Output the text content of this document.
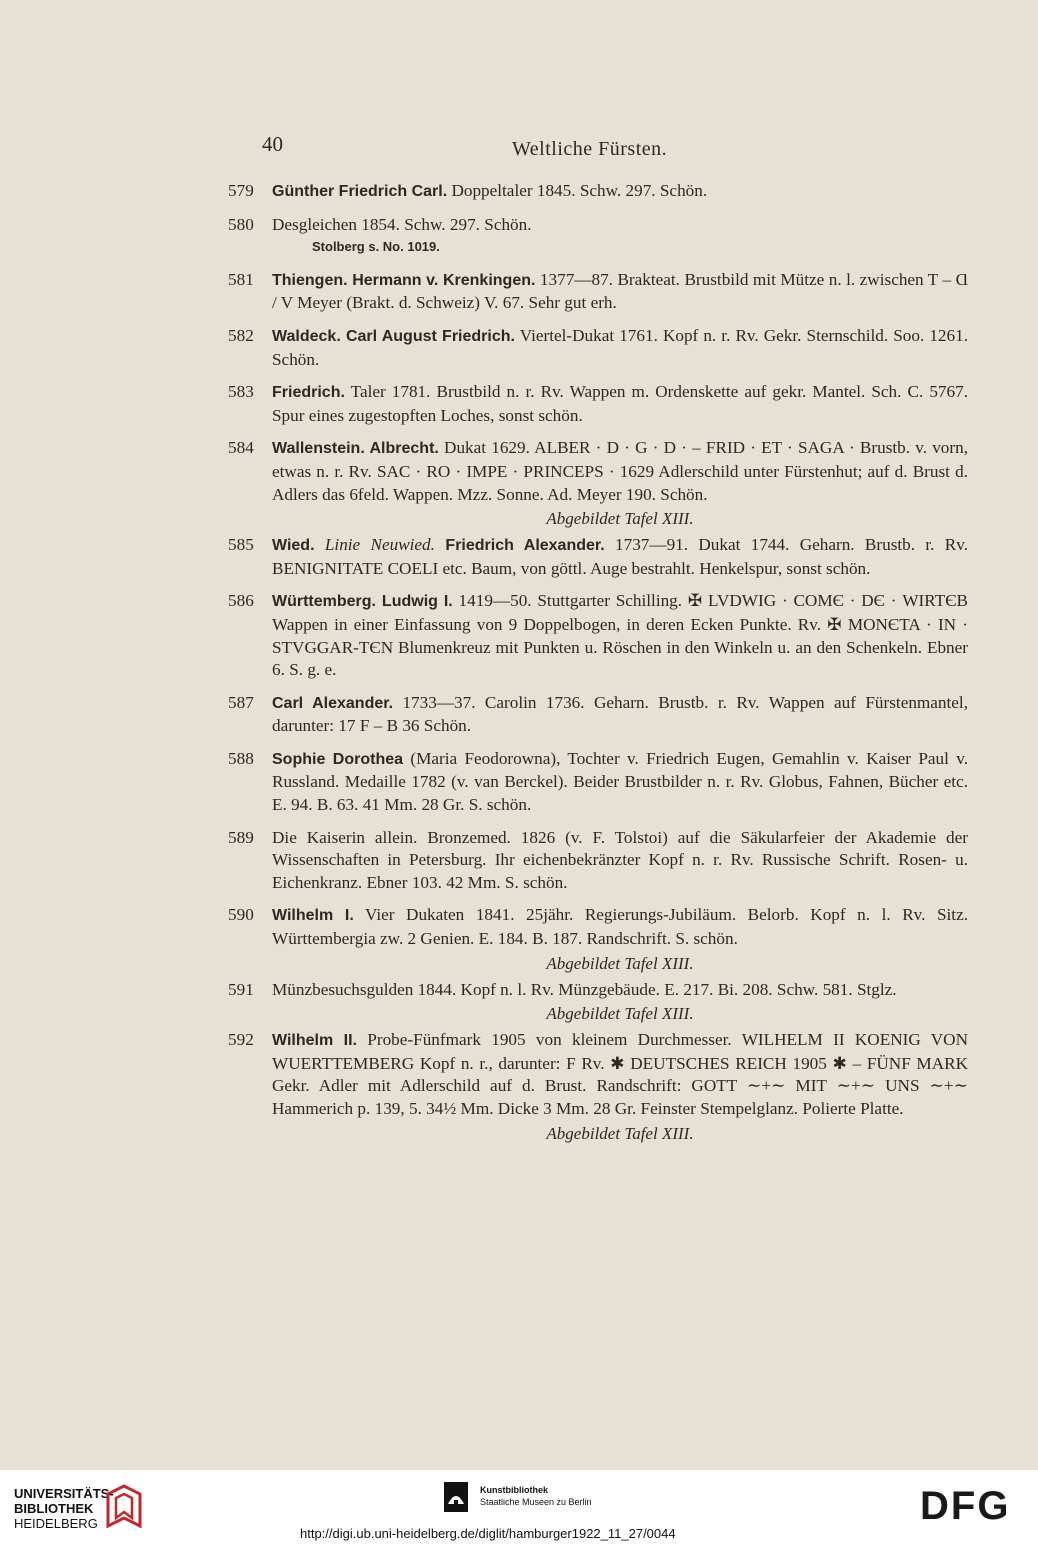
40	Weltliche Fürsten.
579	Günther Friedrich Carl. Doppeltaler 1845. Schw. 297. Schön.
580	Desgleichen 1854. Schw. 297. Schön.
Stolberg s. No. 1019.
581	Thiengen. Hermann v. Krenkingen. 1377—87. Brakteat. Brustbild mit Mütze n. l. zwischen T – Ɑ / V Meyer (Brakt. d. Schweiz) V. 67. Sehr gut erh.
582	Waldeck. Carl August Friedrich. Viertel-Dukat 1761. Kopf n. r. Rv. Gekr. Sternschild. Soo. 1261. Schön.
583	Friedrich. Taler 1781. Brustbild n. r. Rv. Wappen m. Ordenskette auf gekr. Mantel. Sch. C. 5767. Spur eines zugestopften Loches, sonst schön.
584	Wallenstein. Albrecht. Dukat 1629. ALBER · D · G · D · – FRID · ET · SAGA · Brustb. v. vorn, etwas n. r. Rv. SAC · RO · IMPE · PRINCEPS · 1629 Adlerschild unter Fürstenhut; auf d. Brust d. Adlers das 6feld. Wappen. Mzz. Sonne. Ad. Meyer 190. Schön.
Abgebildet Tafel XIII.
585	Wied. Linie Neuwied. Friedrich Alexander. 1737—91. Dukat 1744. Geharn. Brustb. r. Rv. BENIGNITATE COELI etc. Baum, von göttl. Auge bestrahlt. Henkelspur, sonst schön.
586	Württemberg. Ludwig I. 1419—50. Stuttgarter Schilling. ✠ LVDWIG · COMЄ · DЄ · WIRTЄB Wappen in einer Einfassung von 9 Doppelbogen, in deren Ecken Punkte. Rv. ✠ MONЄTA · IN · STVGGAR-TЄN Blumenkreuz mit Punkten u. Röschen in den Winkeln u. an den Schenkeln. Ebner 6. S. g. e.
587	Carl Alexander. 1733—37. Carolin 1736. Geharn. Brustb. r. Rv. Wappen auf Fürstenmantel, darunter: 17 F – B 36 Schön.
588	Sophie Dorothea (Maria Feodorowna), Tochter v. Friedrich Eugen, Gemahlin v. Kaiser Paul v. Russland. Medaille 1782 (v. van Berckel). Beider Brustbilder n. r. Rv. Globus, Fahnen, Bücher etc. E. 94. B. 63. 41 Mm. 28 Gr. S. schön.
589	Die Kaiserin allein. Bronzemed. 1826 (v. F. Tolstoi) auf die Säkularfeier der Akademie der Wissenschaften in Petersburg. Ihr eichenbekränzter Kopf n. r. Rv. Russische Schrift. Rosen- u. Eichenkranz. Ebner 103. 42 Mm. S. schön.
590	Wilhelm I. Vier Dukaten 1841. 25jähr. Regierungs-Jubiläum. Belorb. Kopf n. l. Rv. Sitz. Württembergia zw. 2 Genien. E. 184. B. 187. Randschrift. S. schön.
Abgebildet Tafel XIII.
591	Münzbesuchsgulden 1844. Kopf n. l. Rv. Münzgebäude. E. 217. Bi. 208. Schw. 581. Stglz.
Abgebildet Tafel XIII.
592	Wilhelm II. Probe-Fünfmark 1905 von kleinem Durchmesser. WILHELM II KOENIG VON WUERTTEMBERG Kopf n. r., darunter: F Rv. ✱ DEUTSCHES REICH 1905 ✱ – FÜNF MARK Gekr. Adler mit Adlerschild auf d. Brust. Randschrift: GOTT ∼+∼ MIT ∼+∼ UNS ∼+∼ Hammerich p. 139, 5. 34½ Mm. Dicke 3 Mm. 28 Gr. Feinster Stempelglanz. Polierte Platte.
Abgebildet Tafel XIII.
UNIVERSITÄTS-
BIBLIOTHEK
HEIDELBERG
Kunstbibliothek
Staatliche Museen zu Berlin	DFG
http://digi.ub.uni-heidelberg.de/diglit/hamburger1922_11_27/0044
